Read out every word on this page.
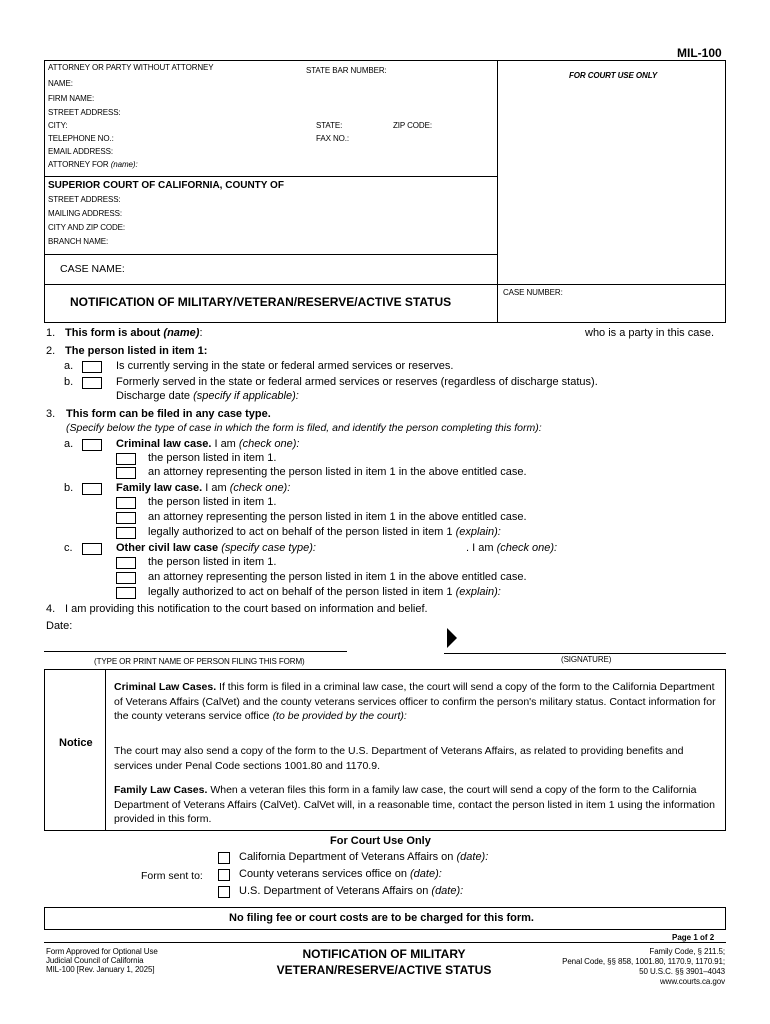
MIL-100
ATTORNEY OR PARTY WITHOUT ATTORNEY	STATE BAR NUMBER:
FOR COURT USE ONLY
NAME:
FIRM NAME:
STREET ADDRESS:
CITY:	STATE:	ZIP CODE:
TELEPHONE NO.:	FAX NO.:
EMAIL ADDRESS:
ATTORNEY FOR (name):
SUPERIOR COURT OF CALIFORNIA, COUNTY OF
STREET ADDRESS:
MAILING ADDRESS:
CITY AND ZIP CODE:
BRANCH NAME:
CASE NAME:
CASE NUMBER:
NOTIFICATION OF MILITARY/VETERAN/RESERVE/ACTIVE STATUS
1. This form is about (name):	who is a party in this case.
2. The person listed in item 1:
a.	Is currently serving in the state or federal armed services or reserves.
b.	Formerly served in the state or federal armed services or reserves (regardless of discharge status).
Discharge date (specify if applicable):
3. This form can be filed in any case type.
(Specify below the type of case in which the form is filed, and identify the person completing this form):
a.	Criminal law case. I am (check one):
the person listed in item 1.
an attorney representing the person listed in item 1 in the above entitled case.
b.	Family law case. I am (check one):
the person listed in item 1.
an attorney representing the person listed in item 1 in the above entitled case.
legally authorized to act on behalf of the person listed in item 1 (explain):
c.	Other civil law case (specify case type):	. I am (check one):
the person listed in item 1.
an attorney representing the person listed in item 1 in the above entitled case.
legally authorized to act on behalf of the person listed in item 1 (explain):
4. I am providing this notification to the court based on information and belief.
Date:
(TYPE OR PRINT NAME OF PERSON FILING THIS FORM)	(SIGNATURE)
Notice
Criminal Law Cases. If this form is filed in a criminal law case, the court will send a copy of the form to the California Department of Veterans Affairs (CalVet) and the county veterans services officer to confirm the person's military status. Contact information for the county veterans service office (to be provided by the court):
The court may also send a copy of the form to the U.S. Department of Veterans Affairs, as related to providing benefits and services under Penal Code sections 1001.80 and 1170.9.
Family Law Cases. When a veteran files this form in a family law case, the court will send a copy of the form to the California Department of Veterans Affairs (CalVet). CalVet will, in a reasonable time, contact the person listed in item 1 using the information provided in this form.
For Court Use Only
Form sent to:
California Department of Veterans Affairs on (date):
County veterans services office on (date):
U.S. Department of Veterans Affairs on (date):
No filing fee or court costs are to be charged for this form.
Page 1 of 2
Form Approved for Optional Use
Judicial Council of California
MIL-100 [Rev. January 1, 2025]
NOTIFICATION OF MILITARY
VETERAN/RESERVE/ACTIVE STATUS
Family Code, § 211.5;
Penal Code, §§ 858, 1001.80, 1170.9, 1170.91;
50 U.S.C. §§ 3901–4043
www.courts.ca.gov
